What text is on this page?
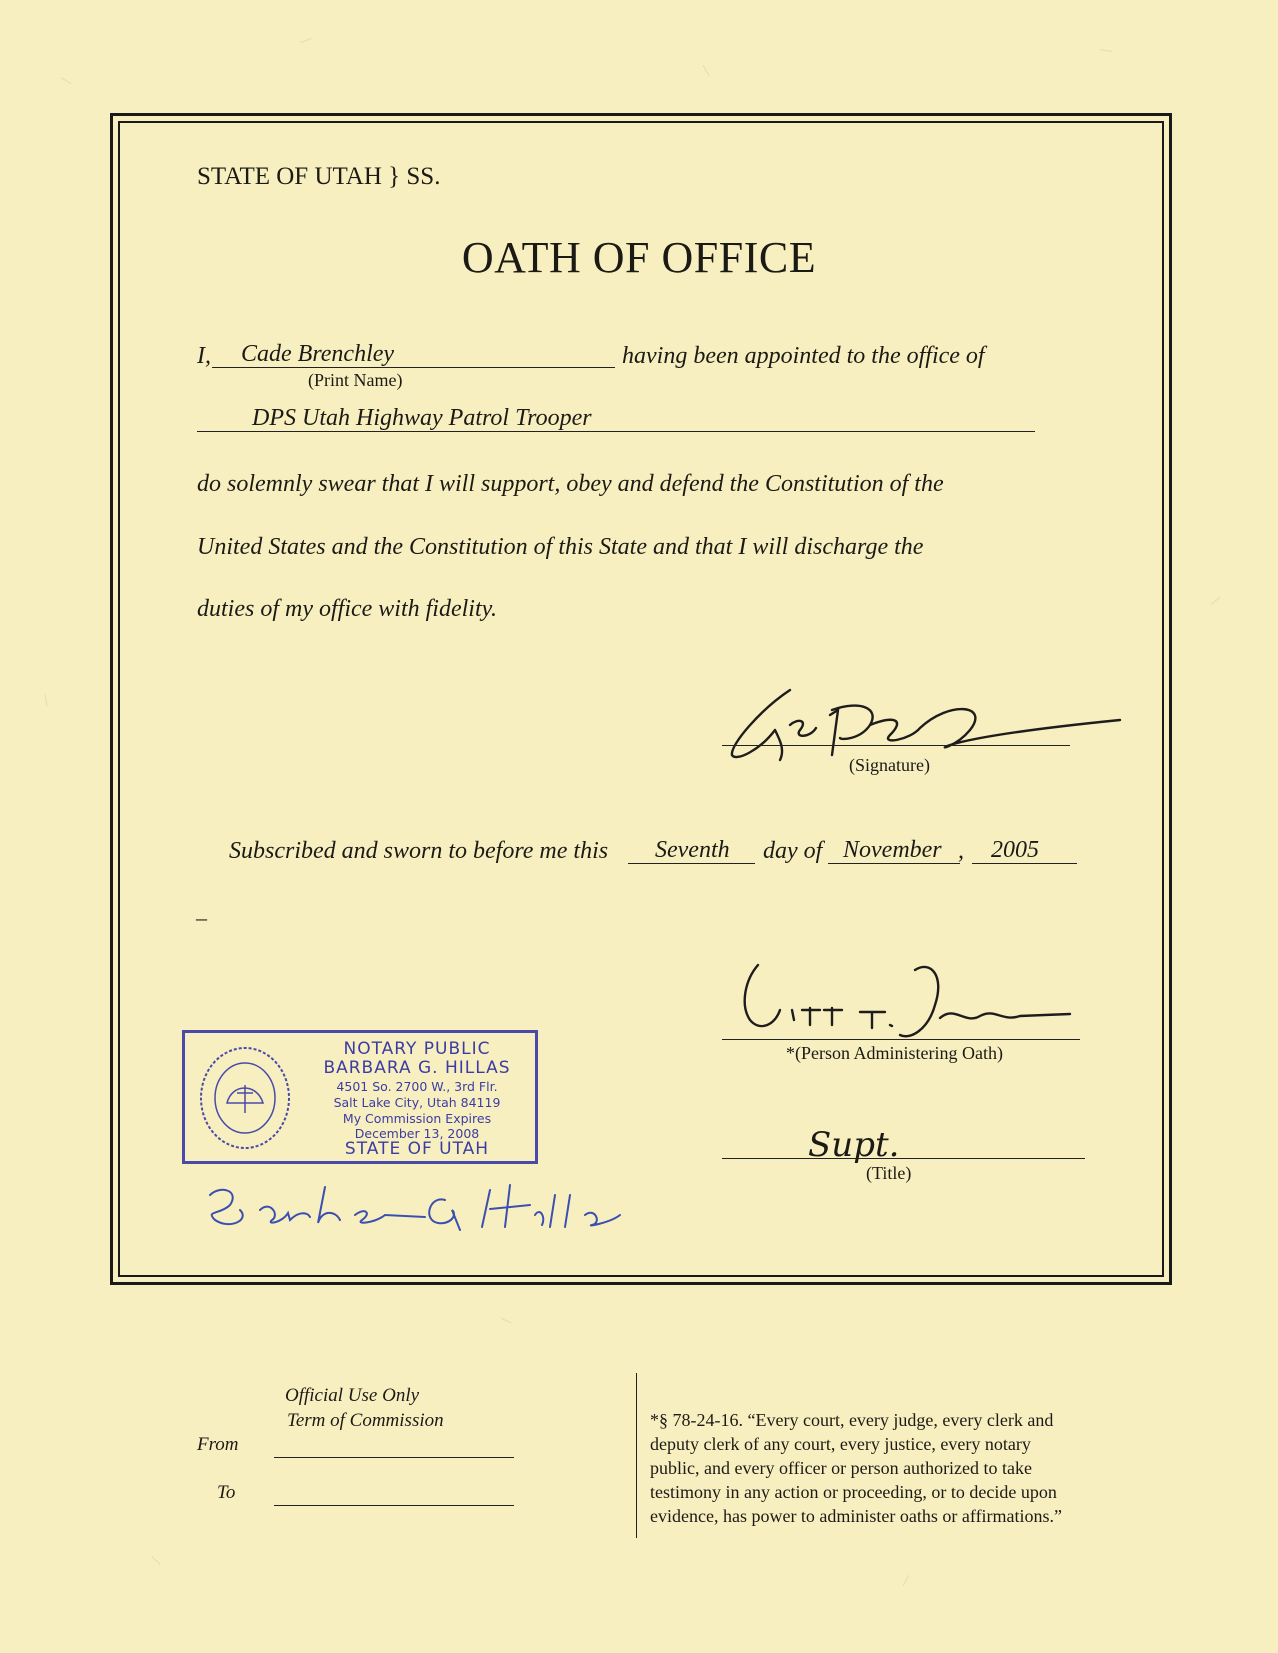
STATE OF UTAH } SS.
OATH OF OFFICE
I, Cade Brenchley
(Print Name)
having been appointed to the office of
DPS Utah Highway Patrol Trooper
do solemnly swear that I will support, obey and defend the Constitution of the
United States and the Constitution of this State and that I will discharge the
duties of my office with fidelity.
(Signature)
Subscribed and sworn to before me this Seventh day of November , 2005
–
*(Person Administering Oath)
Supt.
(Title)
NOTARY PUBLIC
BARBARA G. HILLAS
4501 So. 2700 W., 3rd Flr.
Salt Lake City, Utah 84119
My Commission Expires
December 13, 2008
STATE OF UTAH
Official Use Only
Term of Commission
From
To
*§ 78-24-16. “Every court, every judge, every clerk and
deputy clerk of any court, every justice, every notary
public, and every officer or person authorized to take
testimony in any action or proceeding, or to decide upon
evidence, has power to administer oaths or affirmations.”
